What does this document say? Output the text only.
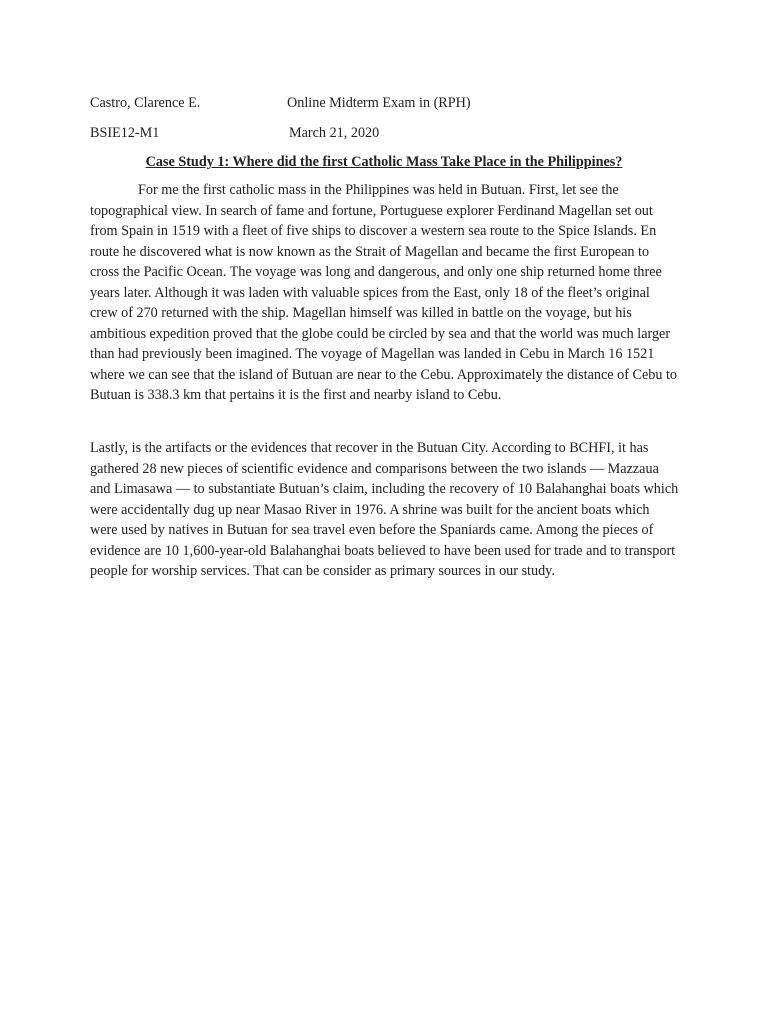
Castro, Clarence E.	Online Midterm Exam in (RPH)
BSIE12-M1	March 21, 2020
Case Study 1: Where did the first Catholic Mass Take Place in the Philippines?

For me the first catholic mass in the Philippines was held in Butuan. First, let see the topographical view. In search of fame and fortune, Portuguese explorer Ferdinand Magellan set out from Spain in 1519 with a fleet of five ships to discover a western sea route to the Spice Islands. En route he discovered what is now known as the Strait of Magellan and became the first European to cross the Pacific Ocean. The voyage was long and dangerous, and only one ship returned home three years later. Although it was laden with valuable spices from the East, only 18 of the fleet’s original crew of 270 returned with the ship. Magellan himself was killed in battle on the voyage, but his ambitious expedition proved that the globe could be circled by sea and that the world was much larger than had previously been imagined. The voyage of Magellan was landed in Cebu in March 16 1521 where we can see that the island of Butuan are near to the Cebu. Approximately the distance of Cebu to Butuan is 338.3 km that pertains it is the first and nearby island to Cebu.

Lastly, is the artifacts or the evidences that recover in the Butuan City. According to BCHFI, it has gathered 28 new pieces of scientific evidence and comparisons between the two islands — Mazzaua and Limasawa — to substantiate Butuan’s claim, including the recovery of 10 Balahanghai boats which were accidentally dug up near Masao River in 1976. A shrine was built for the ancient boats which were used by natives in Butuan for sea travel even before the Spaniards came. Among the pieces of evidence are 10 1,600-year-old Balahanghai boats believed to have been used for trade and to transport people for worship services. That can be consider as primary sources in our study.
